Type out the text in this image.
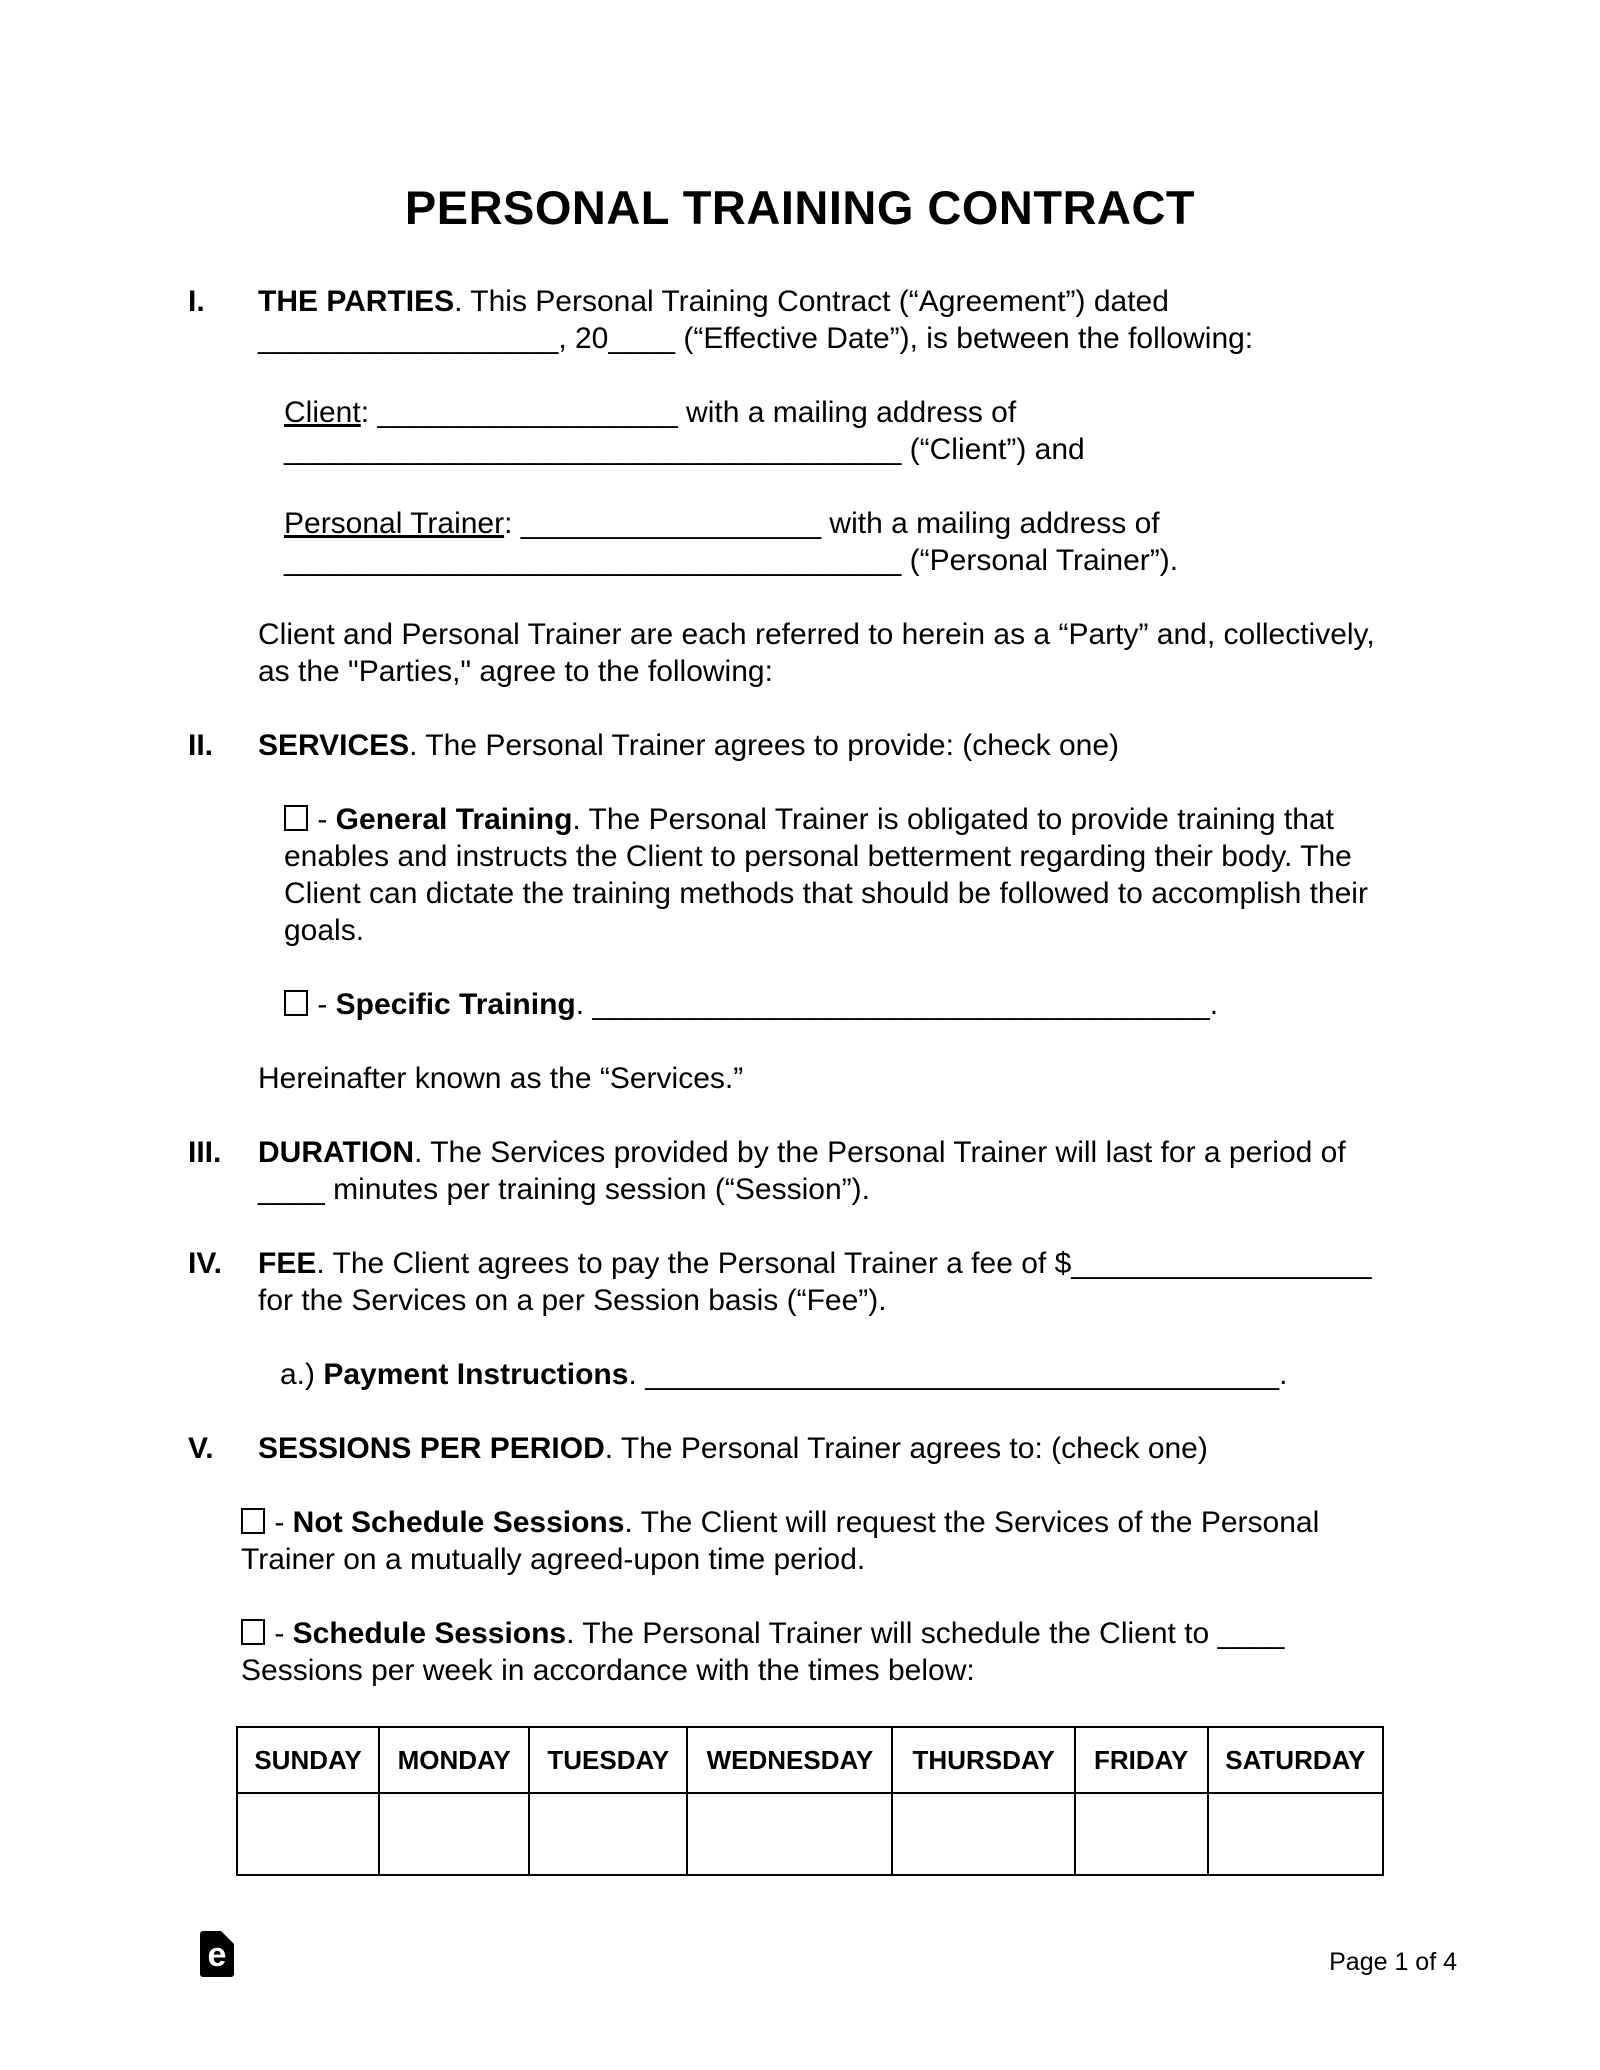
PERSONAL TRAINING CONTRACT
I.	THE PARTIES. This Personal Training Contract (“Agreement”) dated __________________, 20____ (“Effective Date”), is between the following:

Client: __________________ with a mailing address of _____________________________________ (“Client”) and

Personal Trainer: __________________ with a mailing address of _____________________________________ (“Personal Trainer”).

Client and Personal Trainer are each referred to herein as a “Party” and, collectively, as the "Parties," agree to the following:

II.	SERVICES. The Personal Trainer agrees to provide: (check one)

- General Training. The Personal Trainer is obligated to provide training that enables and instructs the Client to personal betterment regarding their body. The Client can dictate the training methods that should be followed to accomplish their goals.

- Specific Training. _____________________________________.

Hereinafter known as the “Services.”

III.	DURATION. The Services provided by the Personal Trainer will last for a period of ____ minutes per training session (“Session”).
IV.	FEE. The Client agrees to pay the Personal Trainer a fee of $__________________ for the Services on a per Session basis (“Fee”).

a.) Payment Instructions. ______________________________________.

V.	SESSIONS PER PERIOD. The Personal Trainer agrees to: (check one)

- Not Schedule Sessions. The Client will request the Services of the Personal Trainer on a mutually agreed-upon time period.

- Schedule Sessions. The Personal Trainer will schedule the Client to ____ Sessions per week in accordance with the times below:

SUNDAY	MONDAY	TUESDAY	WEDNESDAY	THURSDAY	FRIDAY	SATURDAY

e	Page 1 of 4
